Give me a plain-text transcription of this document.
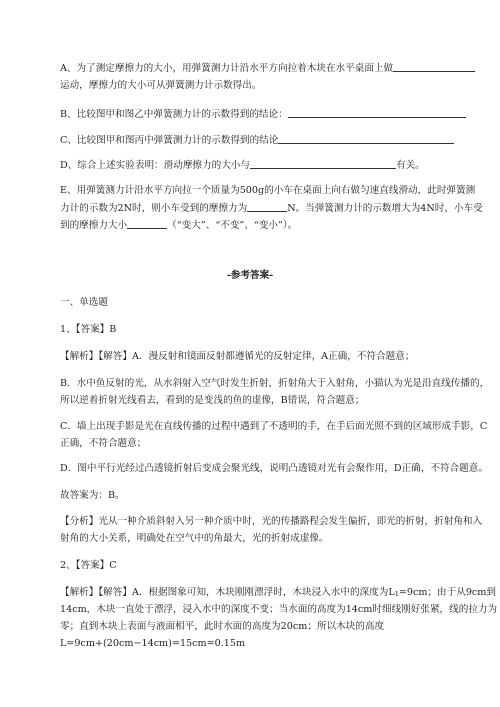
A、为了测定摩擦力的大小，用弹簧测力计沿水平方向拉着木块在水平桌面上做
运动，摩擦力的大小可从弹簧测力计示数得出。
B、比较图甲和图乙中弹簧测力计的示数得到的结论：
C、比较图甲和图丙中弹簧测力计的示数得到的结论
D、综合上述实验表明：滑动摩擦力的大小与	有关。
E、用弹簧测力计沿水平方向拉一个质量为500g的小车在桌面上向右做匀速直线滑动，此时弹簧测
力计的示数为2N时，则小车受到的摩擦力为	N。当弹簧测力计的示数增大为4N时，小车受
到的摩擦力大小	（“变大”、“不变”、“变小”）。
-参考答案-
一、单选题
1、【答案】B
【解析】【解答】A．漫反射和镜面反射都遵循光的反射定律，A正确，不符合题意；
B．水中鱼反射的光，从水斜射入空气时发生折射，折射角大于入射角，小猫认为光是沿直线传播的，
所以逆着折射光线看去，看到的是变浅的鱼的虚像，B错误，符合题意；
C．墙上出现手影是光在直线传播的过程中遇到了不透明的手，在手后面光照不到的区域形成手影，C
正确，不符合题意；
D．图中平行光经过凸透镜折射后变成会聚光线，说明凸透镜对光有会聚作用，D正确，不符合题意。
故答案为：B。
【分析】光从一种介质斜射入另一种介质中时，光的传播路程会发生偏折，即光的折射，折射角和入
射角的大小关系，明确处在空气中的角最大，光的折射成虚像。
2、【答案】C
【解析】【解答】A．根据图象可知，木块刚刚漂浮时，木块浸入水中的深度为$L_1=9cm$；由于从9cm到
14cm，木块一直处于漂浮，浸入水中的深度不变；当水面的高度为14cm时细线刚好张紧，线的拉力为
零；直到木块上表面与液面相平，此时水面的高度为20cm；所以木块的高度
L=9cm+(20cm−14cm)=15cm=0.15m
